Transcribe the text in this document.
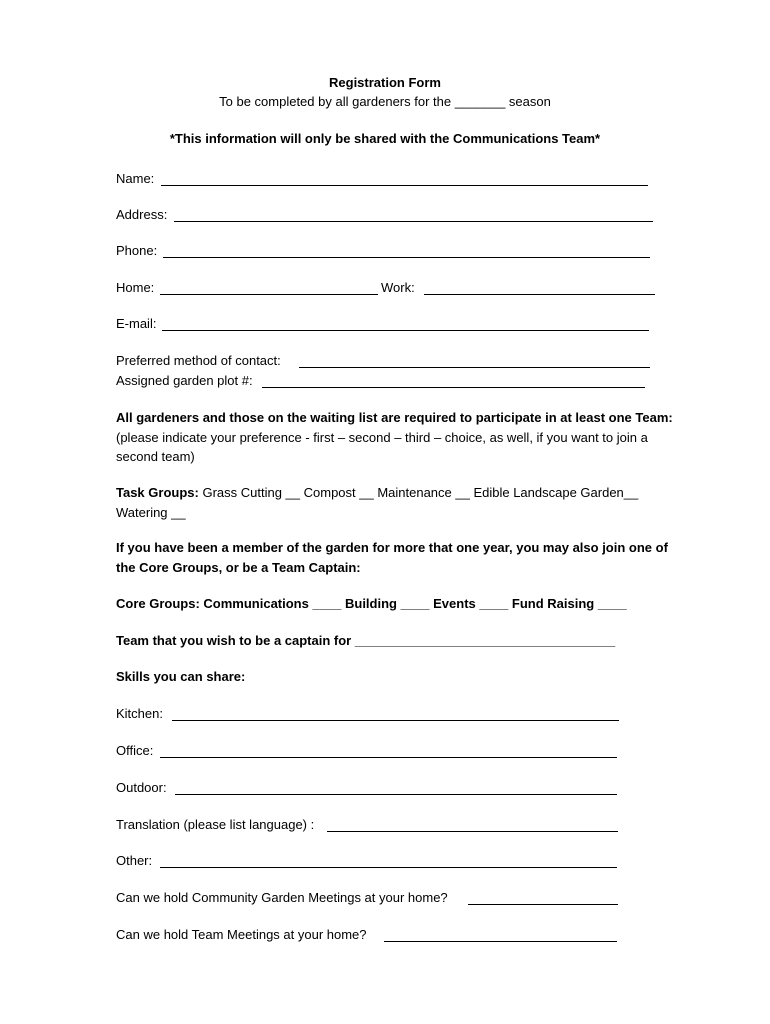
Registration Form
To be completed by all gardeners for the _______ season
*This information will only be shared with the Communications Team*
Name:
Address:
Phone:
Home:	Work:
E-mail:
Preferred method of contact:
Assigned garden plot #:
All gardeners and those on the waiting list are required to participate in at least one Team:
(please indicate your preference - first – second – third – choice, as well, if you want to join a second team)
Task Groups: Grass Cutting __ Compost __ Maintenance __ Edible Landscape Garden__ Watering __
If you have been a member of the garden for more that one year, you may also join one of the Core Groups, or be a Team Captain:
Core Groups: Communications ____ Building ____ Events ____ Fund Raising ____
Team that you wish to be a captain for ____________________________________
Skills you can share:
Kitchen:
Office:
Outdoor:
Translation (please list language) :
Other:
Can we hold Community Garden Meetings at your home?
Can we hold Team Meetings at your home?
